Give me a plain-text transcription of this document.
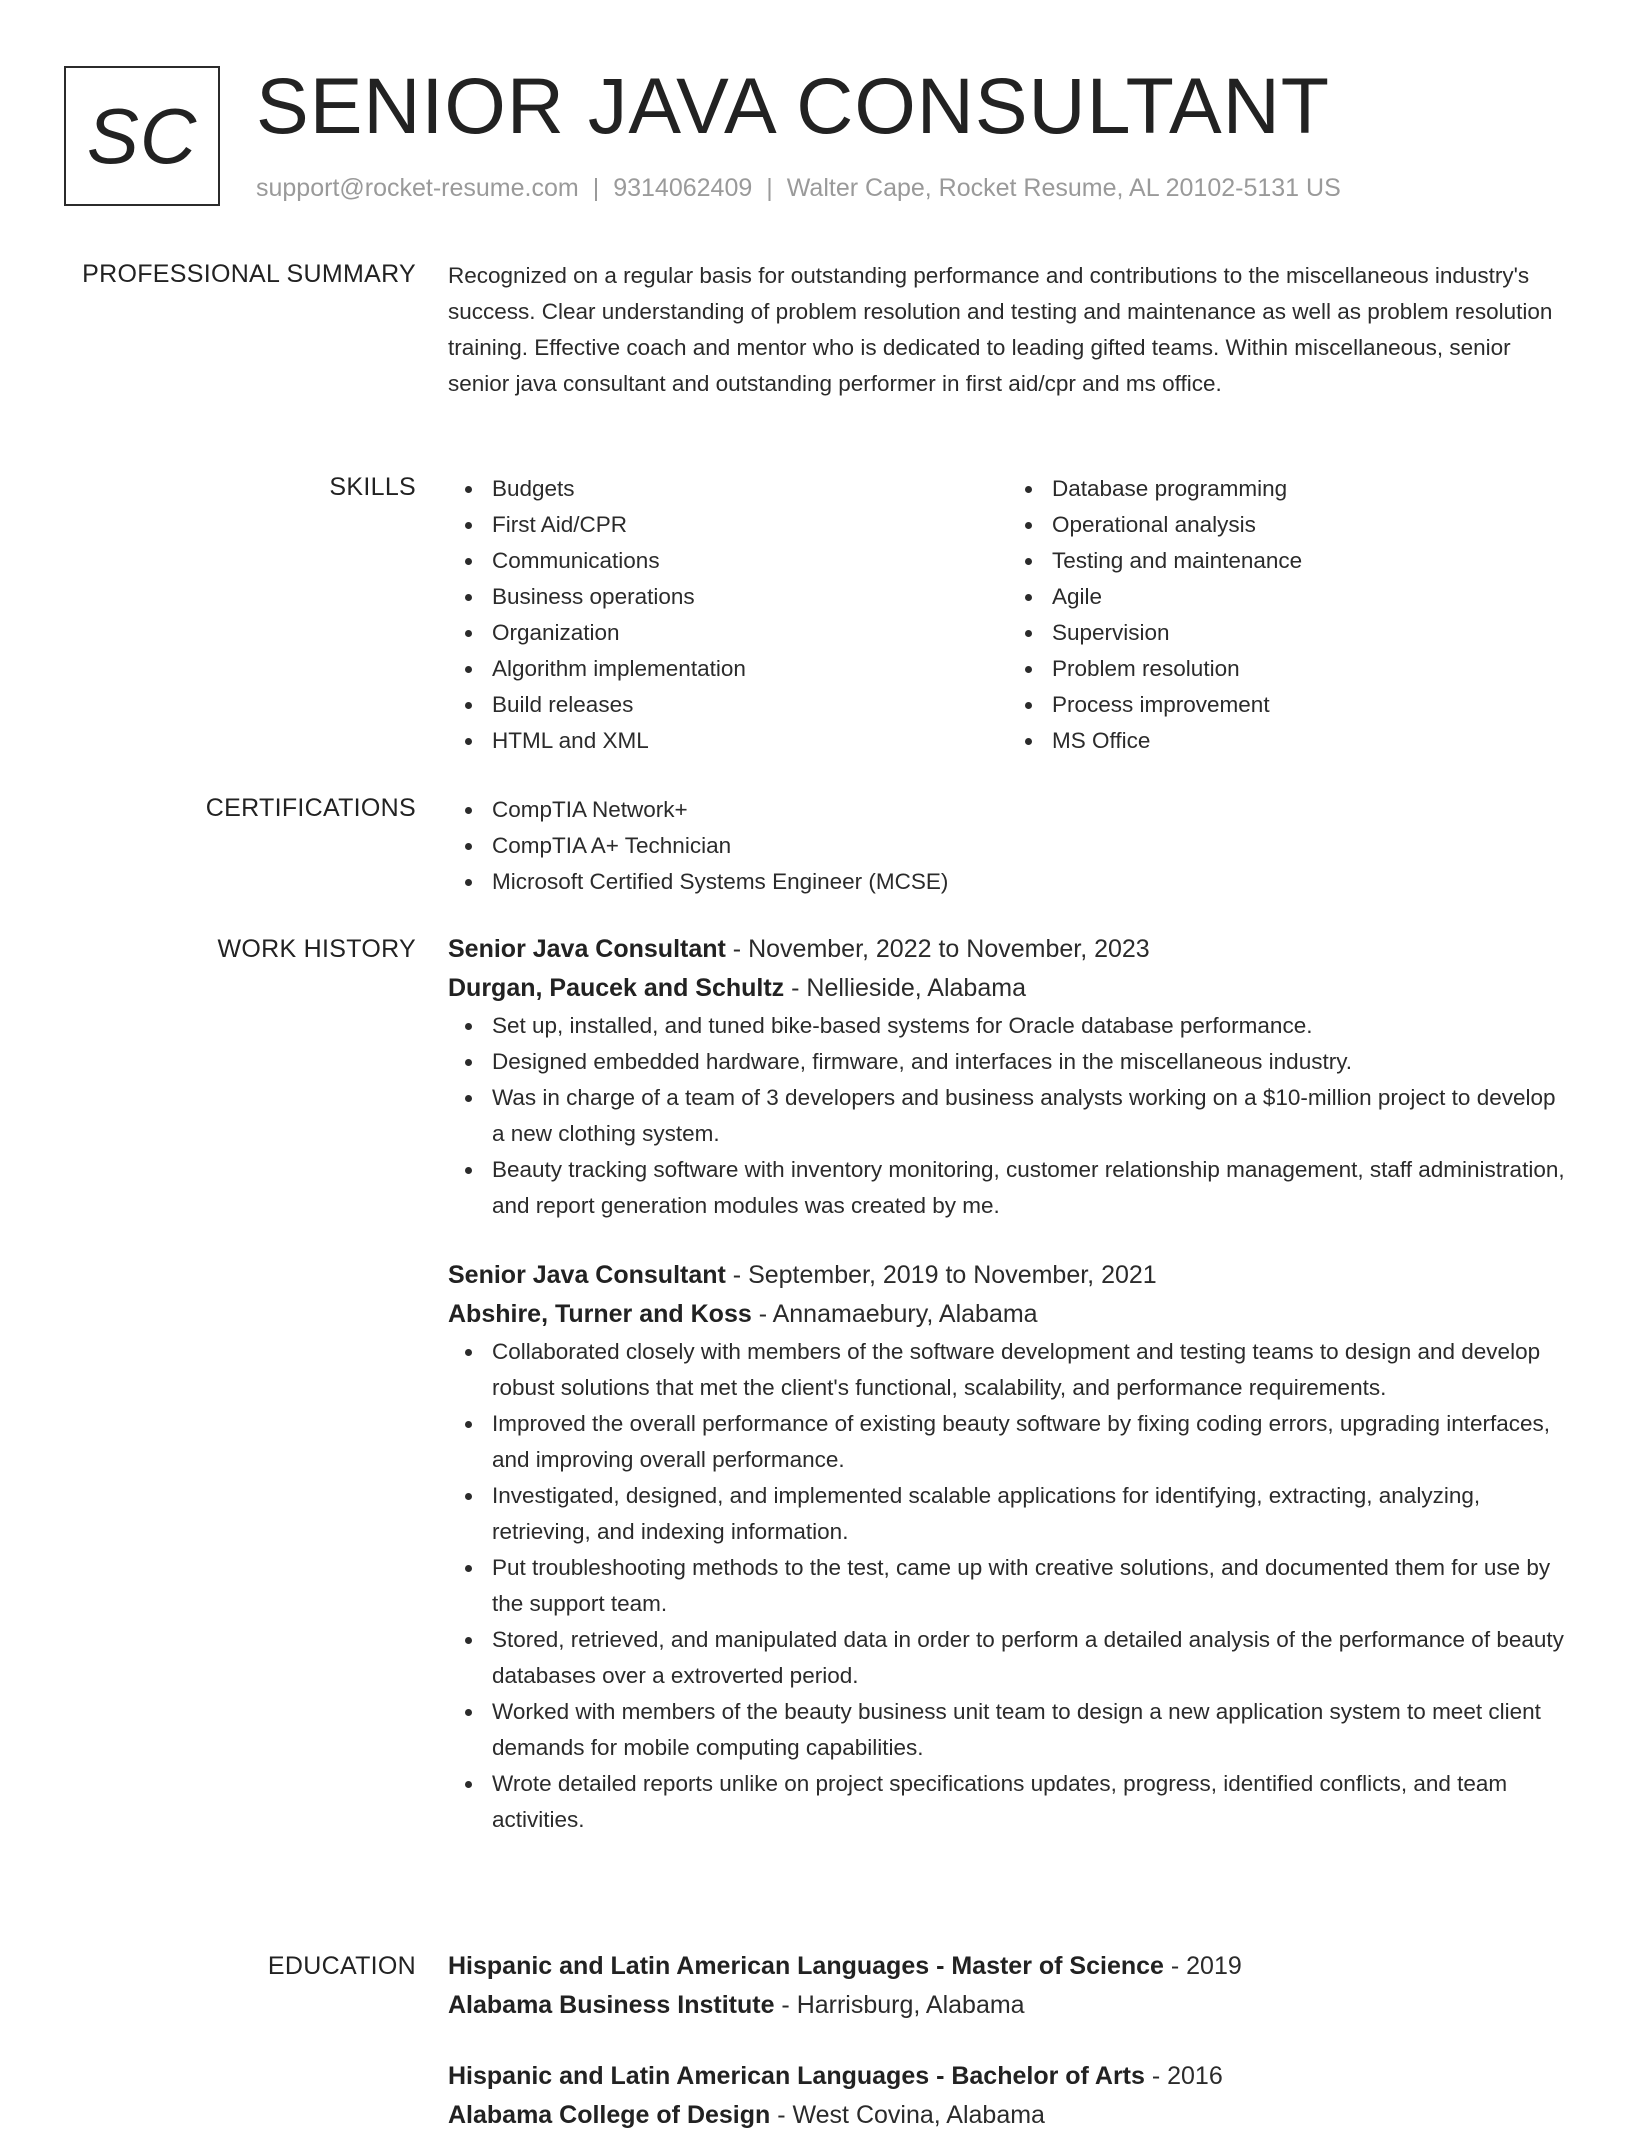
SC SENIOR JAVA CONSULTANT
support@rocket-resume.com | 9314062409 | Walter Cape, Rocket Resume, AL 20102-5131 US
PROFESSIONAL SUMMARY Recognized on a regular basis for outstanding performance and contributions to the miscellaneous industry's success. Clear understanding of problem resolution and testing and maintenance as well as problem resolution training. Effective coach and mentor who is dedicated to leading gifted teams. Within miscellaneous, senior senior java consultant and outstanding performer in first aid/cpr and ms office.
SKILLS	Budgets
First Aid/CPR
Communications
Business operations
Organization
Algorithm implementation
Build releases
HTML and XML
Database programming
Operational analysis
Testing and maintenance
Agile
Supervision
Problem resolution
Process improvement
MS Office
CERTIFICATIONS	CompTIA Network+
CompTIA A+ Technician
Microsoft Certified Systems Engineer (MCSE)
WORK HISTORY Senior Java Consultant - November, 2022 to November, 2023
Durgan, Paucek and Schultz - Nellieside, Alabama
Set up, installed, and tuned bike-based systems for Oracle database performance.
Designed embedded hardware, firmware, and interfaces in the miscellaneous industry.
Was in charge of a team of 3 developers and business analysts working on a $10-million project to develop a new clothing system.
Beauty tracking software with inventory monitoring, customer relationship management, staff administration, and report generation modules was created by me.
Senior Java Consultant - September, 2019 to November, 2021
Abshire, Turner and Koss - Annamaebury, Alabama
Collaborated closely with members of the software development and testing teams to design and develop robust solutions that met the client's functional, scalability, and performance requirements.
Improved the overall performance of existing beauty software by fixing coding errors, upgrading interfaces, and improving overall performance.
Investigated, designed, and implemented scalable applications for identifying, extracting, analyzing, retrieving, and indexing information.
Put troubleshooting methods to the test, came up with creative solutions, and documented them for use by the support team.
Stored, retrieved, and manipulated data in order to perform a detailed analysis of the performance of beauty databases over a extroverted period.
Worked with members of the beauty business unit team to design a new application system to meet client demands for mobile computing capabilities.
Wrote detailed reports unlike on project specifications updates, progress, identified conflicts, and team activities.
EDUCATION Hispanic and Latin American Languages - Master of Science - 2019
Alabama Business Institute - Harrisburg, Alabama
Hispanic and Latin American Languages - Bachelor of Arts - 2016
Alabama College of Design - West Covina, Alabama
